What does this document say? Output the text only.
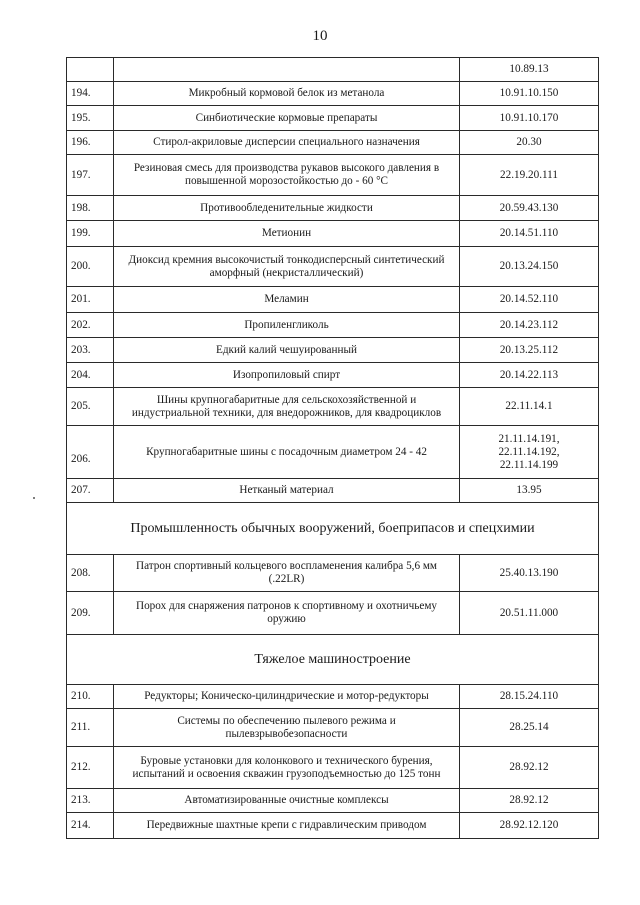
10
		10.89.13
194.	Микробный кормовой белок из метанола	10.91.10.150
195.	Синбиотические кормовые препараты	10.91.10.170
196.	Стирол-акриловые дисперсии специального назначения	20.30
197.	Резиновая смесь для производства рукавов высокого давления в повышенной морозостойкостью до - 60 °С	22.19.20.111
198.	Противообледенительные жидкости	20.59.43.130
199.	Метионин	20.14.51.110
200.	Диоксид кремния высокочистый тонкодисперсный синтетический аморфный (некристаллический)	20.13.24.150
201.	Меламин	20.14.52.110
202.	Пропиленгликоль	20.14.23.112
203.	Едкий калий чешуированный	20.13.25.112
204.	Изопропиловый спирт	20.14.22.113
205.	Шины крупногабаритные для сельскохозяйственной и индустриальной техники, для внедорожников, для квадроциклов	22.11.14.1
206.	Крупногабаритные шины с посадочным диаметром 24 - 42	21.11.14.191,
22.11.14.192,
22.11.14.199

207.	Нетканый материал	13.95
Промышленность обычных вооружений, боеприпасов и спецхимии		
208.	Патрон спортивный кольцевого воспламенения калибра 5,6 мм (.22LR)	25.40.13.190
209.	Порох для снаряжения патронов к спортивному и охотничьему оружию	20.51.11.000
Тяжелое машиностроение		
210.	Редукторы; Коническо-цилиндрические и мотор-редукторы	28.15.24.110
211.	Системы по обеспечению пылевого режима и пылевзрывобезопасности	28.25.14
212.	Буровые установки для колонкового и технического бурения, испытаний и освоения скважин грузоподъемностью до 125 тонн	28.92.12
213.	Автоматизированные очистные комплексы	28.92.12
214.	Передвижные шахтные крепи с гидравлическим приводом	28.92.12.120
